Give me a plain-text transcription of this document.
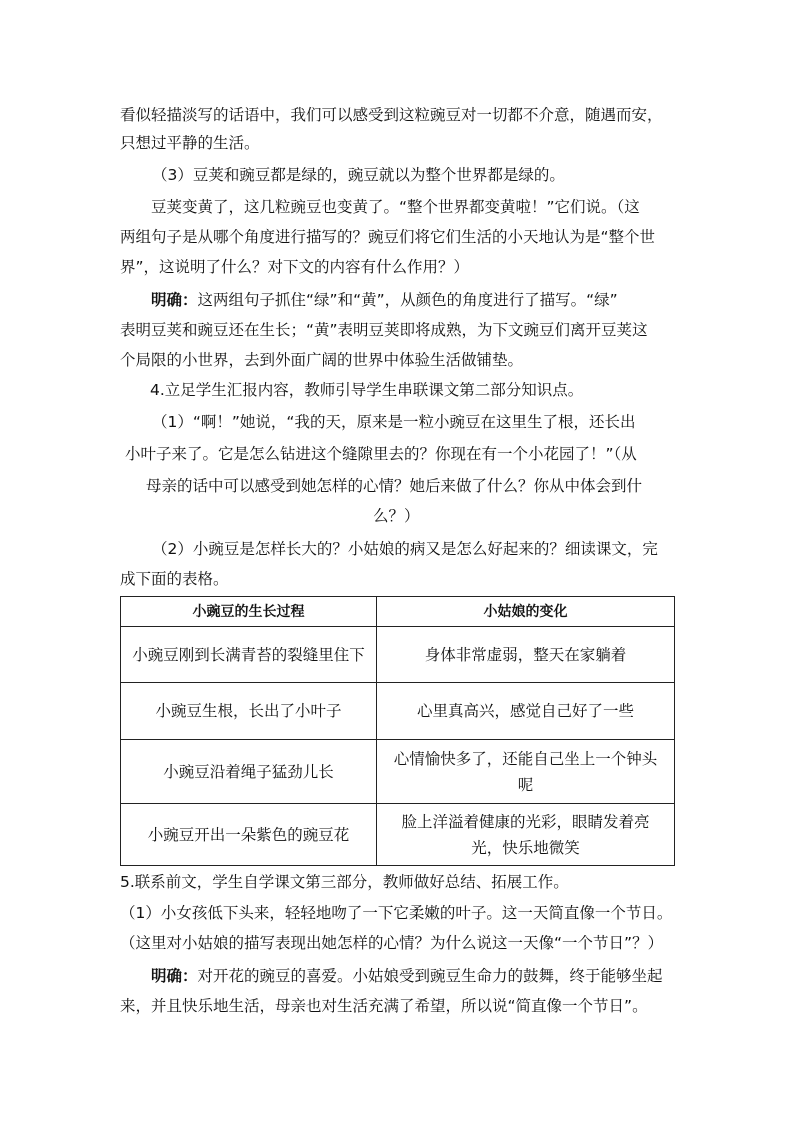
看似轻描淡写的话语中，我们可以感受到这粒豌豆对一切都不介意，随遇而安，
只想过平静的生活。
（3）豆荚和豌豆都是绿的，豌豆就以为整个世界都是绿的。
豆荚变黄了，这几粒豌豆也变黄了。“整个世界都变黄啦！”它们说。（这
两组句子是从哪个角度进行描写的？豌豆们将它们生活的小天地认为是“整个世
界”，这说明了什么？对下文的内容有什么作用？）
明确：这两组句子抓住“绿”和“黄”，从颜色的角度进行了描写。“绿”
表明豆荚和豌豆还在生长；“黄”表明豆荚即将成熟，为下文豌豆们离开豆荚这
个局限的小世界，去到外面广阔的世界中体验生活做铺垫。
4.立足学生汇报内容，教师引导学生串联课文第二部分知识点。
（1）“啊！”她说，“我的天，原来是一粒小豌豆在这里生了根，还长出
小叶子来了。它是怎么钻进这个缝隙里去的？你现在有一个小花园了！”（从
母亲的话中可以感受到她怎样的心情？她后来做了什么？你从中体会到什
么？）
（2）小豌豆是怎样长大的？小姑娘的病又是怎么好起来的？细读课文，完
成下面的表格。
小豌豆的生长过程	小姑娘的变化
小豌豆刚到长满青苔的裂缝里住下	身体非常虚弱，整天在家躺着
小豌豆生根，长出了小叶子	心里真高兴，感觉自己好了一些
小豌豆沿着绳子猛劲儿长	心情愉快多了，还能自己坐上一个钟头
呢

小豌豆开出一朵紫色的豌豆花	脸上洋溢着健康的光彩，眼睛发着亮
光，快乐地微笑
5.联系前文，学生自学课文第三部分，教师做好总结、拓展工作。
（1）小女孩低下头来，轻轻地吻了一下它柔嫩的叶子。这一天简直像一个节日。
（这里对小姑娘的描写表现出她怎样的心情？为什么说这一天像“一个节日”？）
明确：对开花的豌豆的喜爱。小姑娘受到豌豆生命力的鼓舞，终于能够坐起
来，并且快乐地生活，母亲也对生活充满了希望，所以说“简直像一个节日”。
